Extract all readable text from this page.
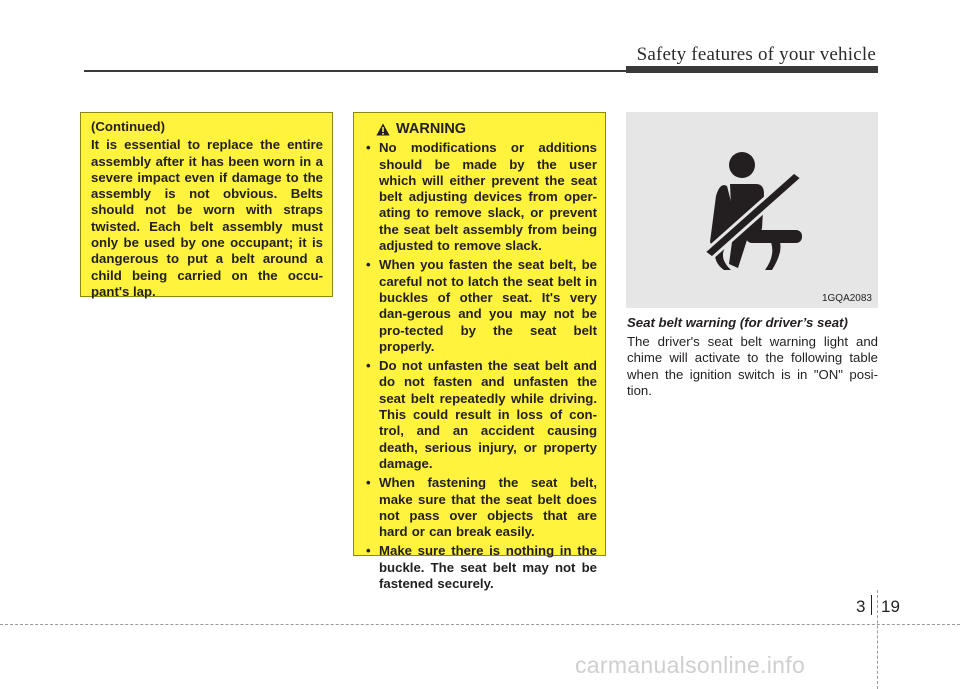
Safety features of your vehicle
(Continued)
It is essential to replace the entire assembly after it has been worn in a severe impact even if damage to the assembly is not obvious. Belts should not be worn with straps twisted. Each belt assembly must only be used by one occupant; it is dangerous to put a belt around a child being carried on the occu-pant's lap.
WARNING
• No modifications or additions should be made by the user which will either prevent the seat belt adjusting devices from oper-ating to remove slack, or prevent the seat belt assembly from being adjusted to remove slack.
• When you fasten the seat belt, be careful not to latch the seat belt in buckles of other seat. It's very dan-gerous and you may not be pro-tected by the seat belt properly.
• Do not unfasten the seat belt and do not fasten and unfasten the seat belt repeatedly while driving. This could result in loss of con-trol, and an accident causing death, serious injury, or property damage.
• When fastening the seat belt, make sure that the seat belt does not pass over objects that are hard or can break easily.
• Make sure there is nothing in the buckle. The seat belt may not be fastened securely.
1GQA2083
Seat belt warning (for driver’s seat)
The driver's seat belt warning light and chime will activate to the following table when the ignition switch is in "ON" posi-tion.
3 19
carmanualsonline.info
